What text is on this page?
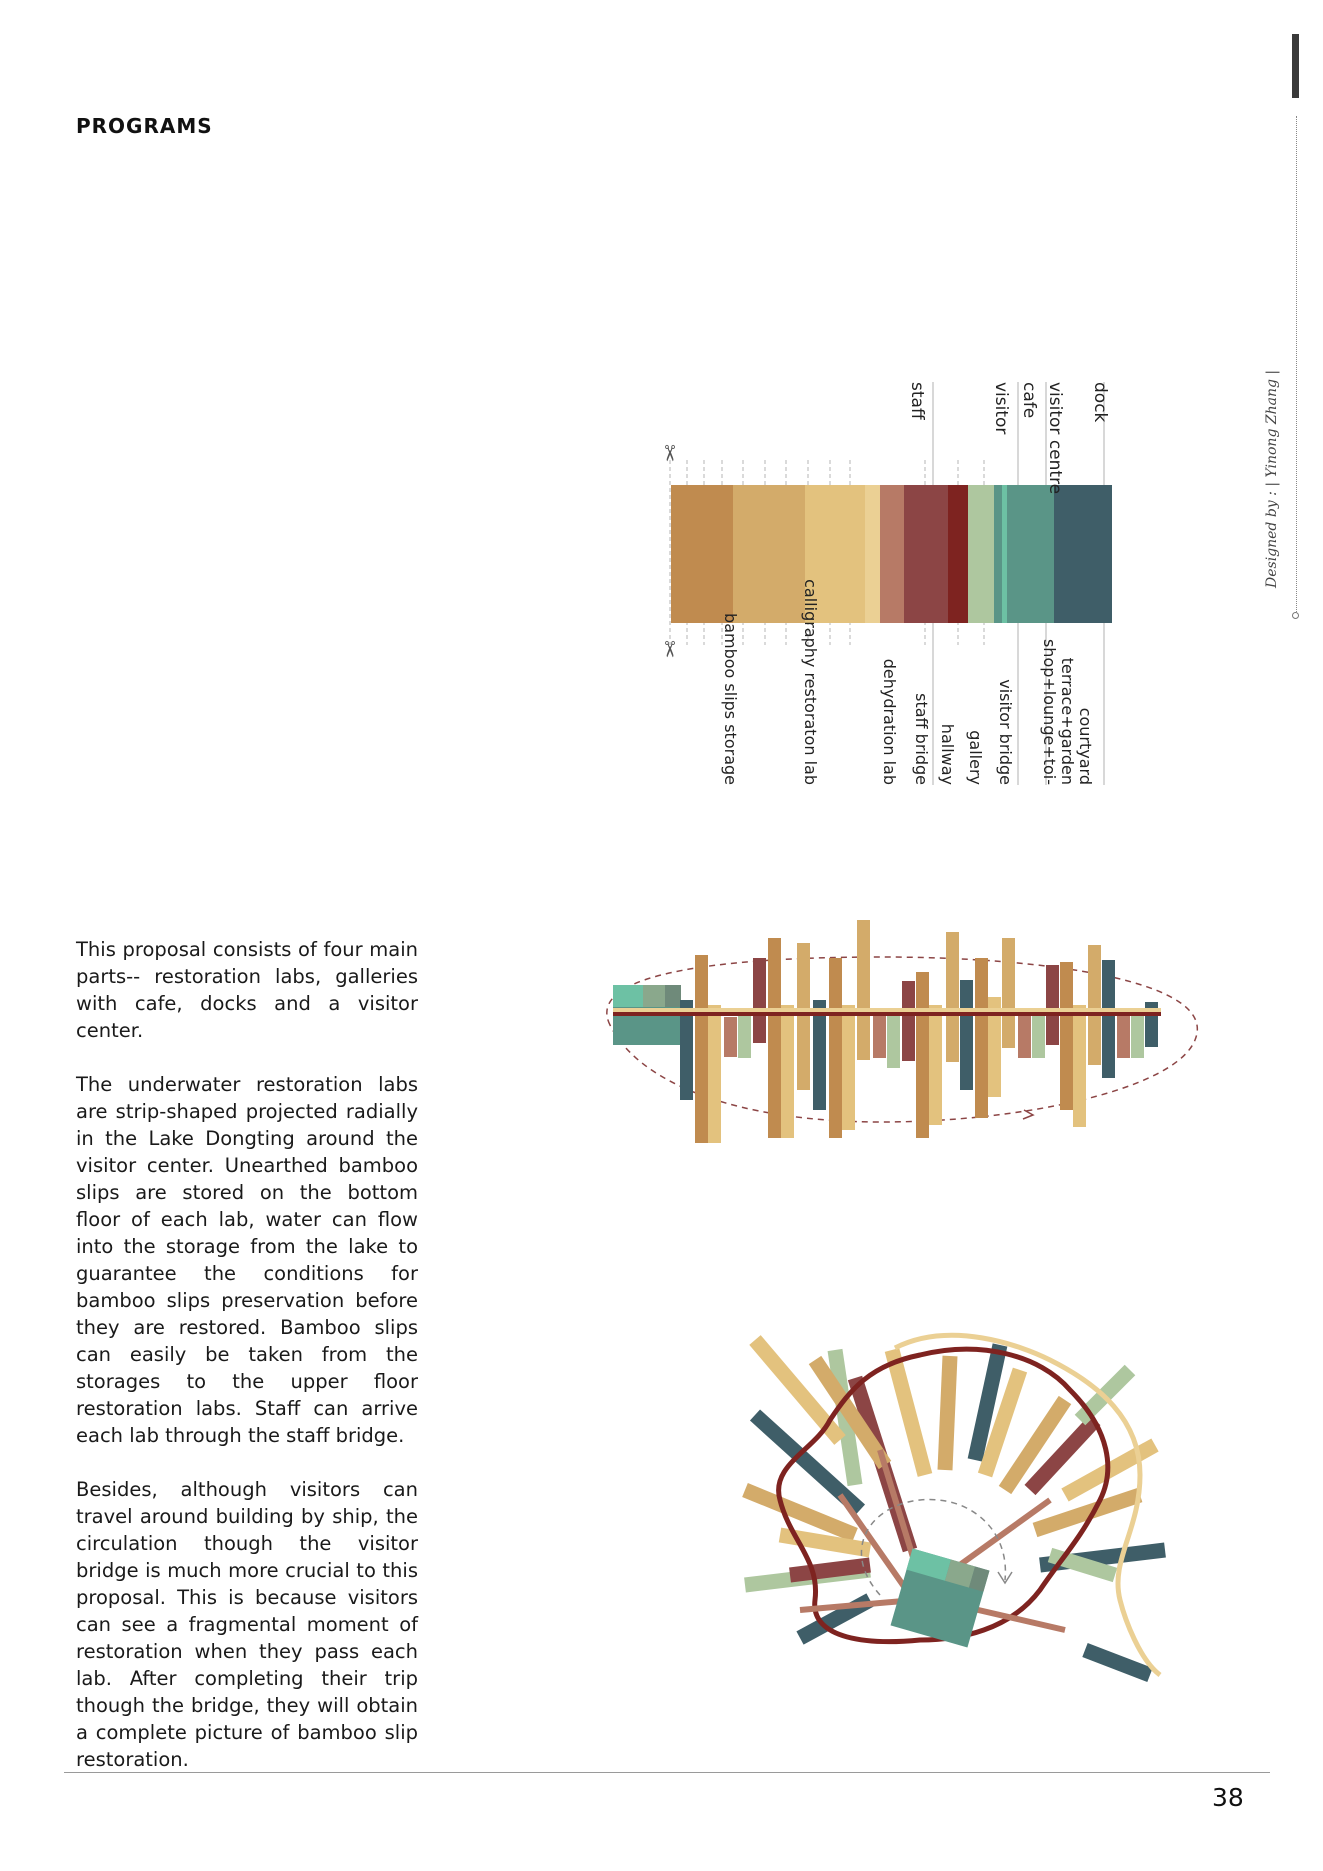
PROGRAMS
Designed by : | Yinong Zhang |
✂
✂
dock
visitor centre
cafe
visitor
staff
courtyard
terrace+garden
shop+lounge+toi-
visitor bridge
gallery
hallway
staff bridge
dehydration lab
calligraphy restoraton lab
bamboo slips storage

This proposal consists of four main parts-- restoration labs, galleries with cafe, docks and a visitor center.

The underwater restoration labs are strip-shaped projected radially in the Lake Dongting around the visitor center. Unearthed bamboo slips are stored on the bottom floor of each lab, water can flow into the storage from the lake to guarantee the conditions for bamboo slips preservation before they are restored. Bamboo slips can easily be taken from the storages to the upper floor restoration labs. Staff can arrive each lab through the staff bridge.

Besides, although visitors can travel around building by ship, the circulation though the visitor bridge is much more crucial to this proposal. This is because visitors can see a fragmental moment of restoration when they pass each lab. After completing their trip though the bridge, they will obtain a complete picture of bamboo slip restoration.

38
